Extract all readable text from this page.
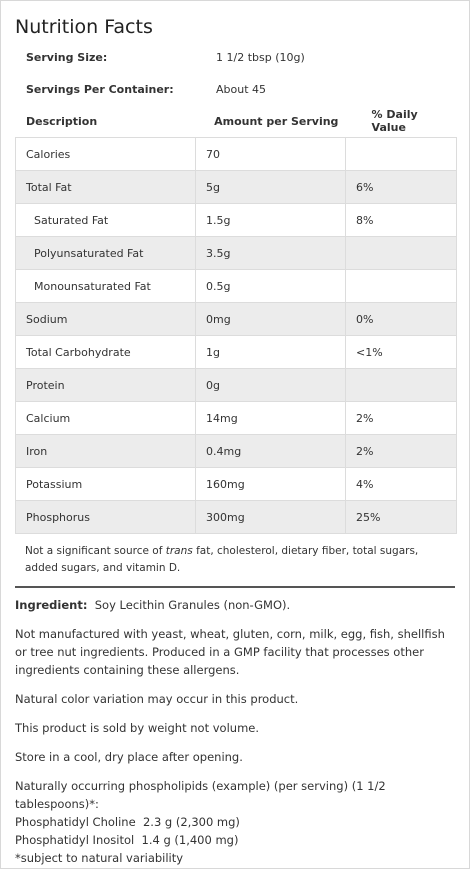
Nutrition Facts
Serving Size:	1 1/2 tbsp (10g)
Servings Per Container:	About 45
Description	Amount per Serving	% Daily Value
Calories	70	
Total Fat	5g	6%
Saturated Fat	1.5g	8%
Polyunsaturated Fat	3.5g	
Monounsaturated Fat	0.5g	
Sodium	0mg	0%
Total Carbohydrate	1g	<1%
Protein	0g	
Calcium	14mg	2%
Iron	0.4mg	2%
Potassium	160mg	4%
Phosphorus	300mg	25%
Not a significant source of trans fat, cholesterol, dietary fiber, total sugars, added sugars, and vitamin D.

Ingredient:  Soy Lecithin Granules (non-GMO).

Not manufactured with yeast, wheat, gluten, corn, milk, egg, fish, shellfish or tree nut ingredients. Produced in a GMP facility that processes other ingredients containing these allergens.

Natural color variation may occur in this product.

This product is sold by weight not volume.

Store in a cool, dry place after opening.

Naturally occurring phospholipids (example) (per serving) (1 1/2 tablespoons)*:
Phosphatidyl Choline  2.3 g (2,300 mg)
Phosphatidyl Inositol  1.4 g (1,400 mg)
*subject to natural variability
